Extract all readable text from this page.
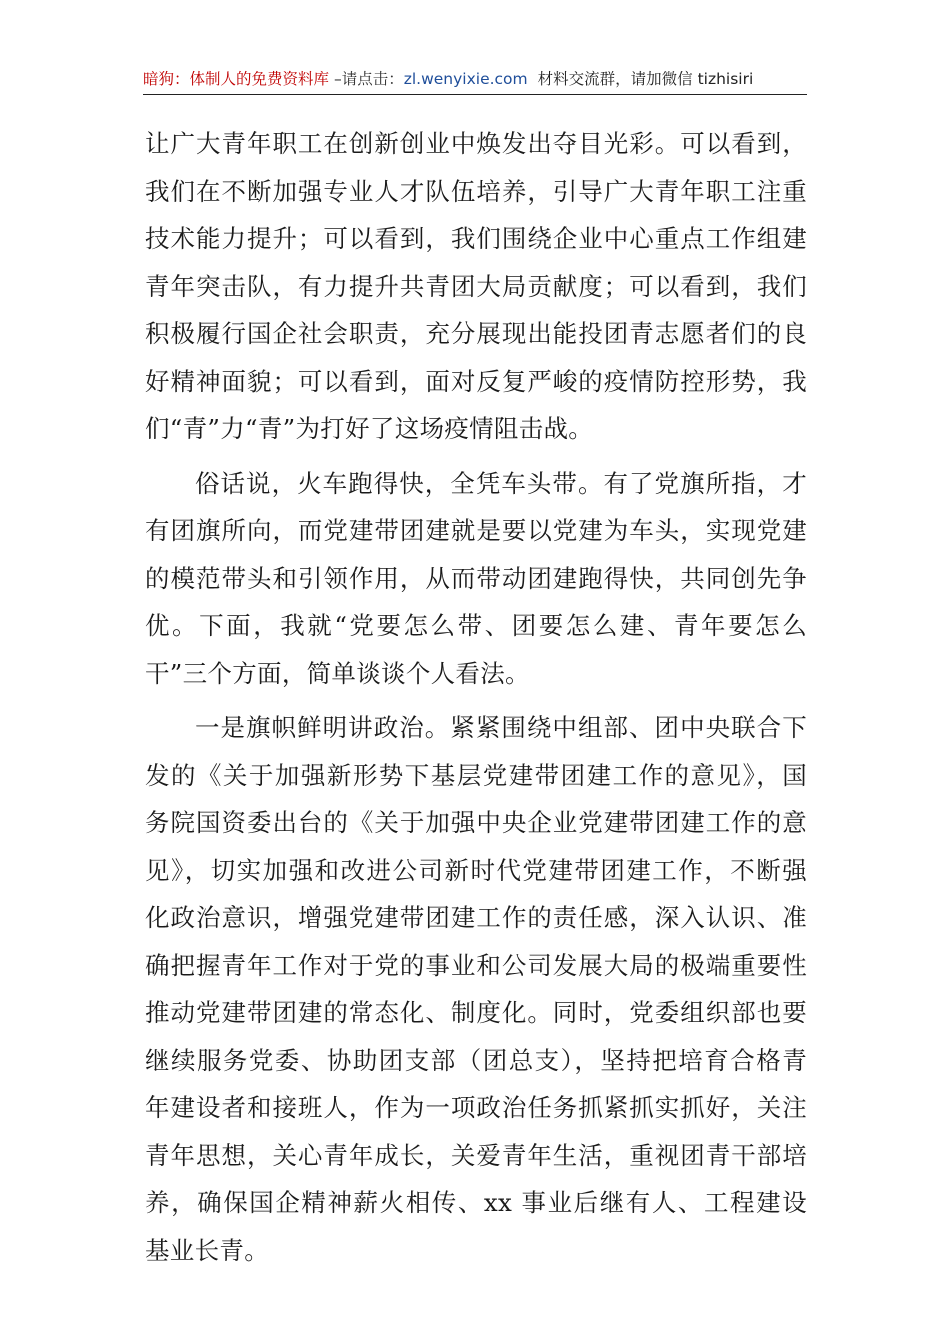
暗狗：体制人的免费资料库 –请点击：zl.wenyixie.com 材料交流群，请加微信 tizhisiri
让广大青年职工在创新创业中焕发出夺目光彩。可以看到，
我们在不断加强专业人才队伍培养，引导广大青年职工注重
技术能力提升；可以看到，我们围绕企业中心重点工作组建
青年突击队，有力提升共青团大局贡献度；可以看到，我们
积极履行国企社会职责，充分展现出能投团青志愿者们的良
好精神面貌；可以看到，面对反复严峻的疫情防控形势，我
们“青”力“青”为打好了这场疫情阻击战。
俗话说，火车跑得快，全凭车头带。有了党旗所指，才
有团旗所向，而党建带团建就是要以党建为车头，实现党建
的模范带头和引领作用，从而带动团建跑得快，共同创先争
优。下面，我就“党要怎么带、团要怎么建、青年要怎么
干”三个方面，简单谈谈个人看法。
一是旗帜鲜明讲政治。紧紧围绕中组部、团中央联合下
发的《关于加强新形势下基层党建带团建工作的意见》，国
务院国资委出台的《关于加强中央企业党建带团建工作的意
见》，切实加强和改进公司新时代党建带团建工作，不断强
化政治意识，增强党建带团建工作的责任感，深入认识、准
确把握青年工作对于党的事业和公司发展大局的极端重要性
推动党建带团建的常态化、制度化。同时，党委组织部也要
继续服务党委、协助团支部（团总支），坚持把培育合格青
年建设者和接班人，作为一项政治任务抓紧抓实抓好，关注
青年思想，关心青年成长，关爱青年生活，重视团青干部培
养，确保国企精神薪火相传、xx 事业后继有人、工程建设
基业长青。
